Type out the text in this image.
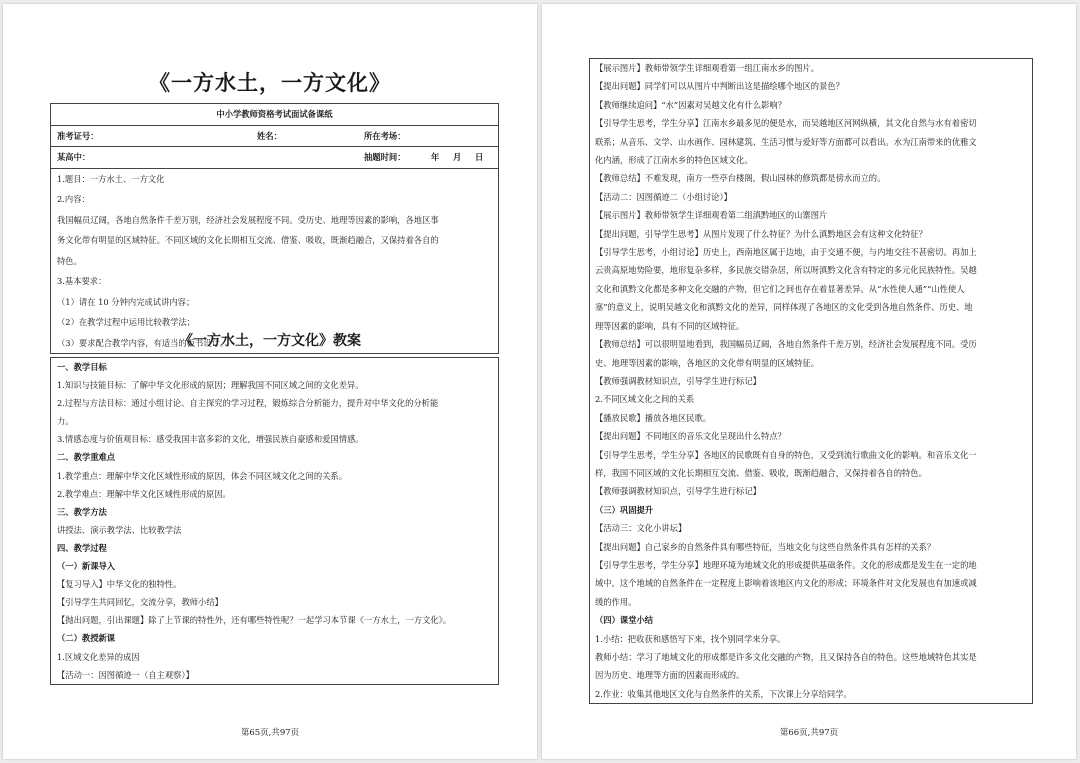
《一方水土，一方文化》
中小学教师资格考试面试备课纸
准考证号：	姓名：	所在考场：
某高中：	抽题时间：	年	月	日
1.题目：一方水土、一方文化
2.内容：
我国幅员辽阔，各地自然条件千差万别，经济社会发展程度不同。受历史、地理等因素的影响，各地区事
务文化带有明显的区域特征。不同区域的文化长期相互交流、借鉴、吸收，既渐趋融合，又保持着各自的
特色。
3.基本要求：
（1）请在 10 分钟内完成试讲内容；
（2）在教学过程中运用比较教学法；
（3）要求配合教学内容，有适当的板书设计。
《一方水土，一方文化》教案
一、教学目标
1.知识与技能目标：了解中华文化形成的原因；理解我国不同区域之间的文化差异。
2.过程与方法目标：通过小组讨论、自主探究的学习过程，锻炼综合分析能力，提升对中华文化的分析能
力。
3.情感态度与价值观目标：感受我国丰富多彩的文化，增强民族自豪感和爱国情感。
二、教学重难点
1.教学重点：理解中华文化区域性形成的原因，体会不同区域文化之间的关系。
2.教学难点：理解中华文化区域性形成的原因。
三、教学方法
讲授法、演示教学法、比较教学法
四、教学过程
（一）新课导入
【复习导入】中华文化的独特性。
【引导学生共同回忆，交流分享，教师小结】
【抛出问题，引出课题】除了上节课的特性外，还有哪些特性呢？一起学习本节课《一方水土，一方文化》。
（二）教授新课
1.区域文化差异的成因
【活动一：因图循迹一（自主观察）】
第65页,共97页
【展示图片】教师带领学生详细观看第一组江南水乡的图片。
【提出问题】同学们可以从图片中判断出这是描绘哪个地区的景色？
【教师继续追问】“水”因素对吴越文化有什么影响？
【引导学生思考，学生分享】江南水乡最多见的便是水，而吴越地区河网纵横，其文化自然与水有着密切
联系；从音乐、文学、山水画作、园林建筑、生活习惯与爱好等方面都可以看出。水为江南带来的优雅文
化内涵，形成了江南水乡的特色区域文化。
【教师总结】不难发现，南方一些亭台楼阁，假山园林的修筑都是傍水而立的。
【活动二：因图循迹二（小组讨论）】
【展示图片】教师带领学生详细观看第二组滇黔地区的山寨图片
【提出问题，引导学生思考】从图片发现了什么特征？为什么滇黔地区会有这种文化特征？
【引导学生思考，小组讨论】历史上，西南地区属于边地，由于交通不便，与内地交往不甚密切。再加上
云贵高原地势险要，地形复杂多样，多民族交错杂居，所以呀滇黔文化含有特定的多元化民族特性。吴越
文化和滇黔文化都是多种文化交融的产物，但它们之间也存在着显著差异。从“水性使人通”“山性使人
塞”的意义上，说明吴越文化和滇黔文化的差异，同样体现了各地区的文化受到各地自然条件、历史、地
理等因素的影响，具有不同的区域特征。
【教师总结】可以很明显地看到，我国幅员辽阔，各地自然条件千差万别，经济社会发展程度不同。受历
史、地理等因素的影响，各地区的文化带有明显的区域特征。
【教师强调教材知识点，引导学生进行标记】
2.不同区域文化之间的关系
【播放民歌】播放各地区民歌。
【提出问题】不同地区的音乐文化呈现出什么特点？
【引导学生思考，学生分享】各地区的民歌既有自身的特色，又受到流行歌曲文化的影响。和音乐文化一
样，我国不同区域的文化长期相互交流、借鉴、吸收，既渐趋融合，又保持着各自的特色。
【教师强调教材知识点，引导学生进行标记】
（三）巩固提升
【活动三：文化小讲坛】
【提出问题】自己家乡的自然条件具有哪些特征，当地文化与这些自然条件具有怎样的关系？
【引导学生思考，学生分享】地理环境为地域文化的形成提供基础条件。文化的形成都是发生在一定的地
域中，这个地域的自然条件在一定程度上影响着该地区内文化的形成；环境条件对文化发展也有加速或减
缓的作用。
（四）课堂小结
1.小结：把收获和感悟写下来，找个别同学来分享。
教师小结：学习了地域文化的形成都是许多文化交融的产物，且又保持各自的特色。这些地域特色其实是
因为历史、地理等方面的因素而形成的。
2.作业：收集其他地区文化与自然条件的关系，下次课上分享给同学。
第66页,共97页
